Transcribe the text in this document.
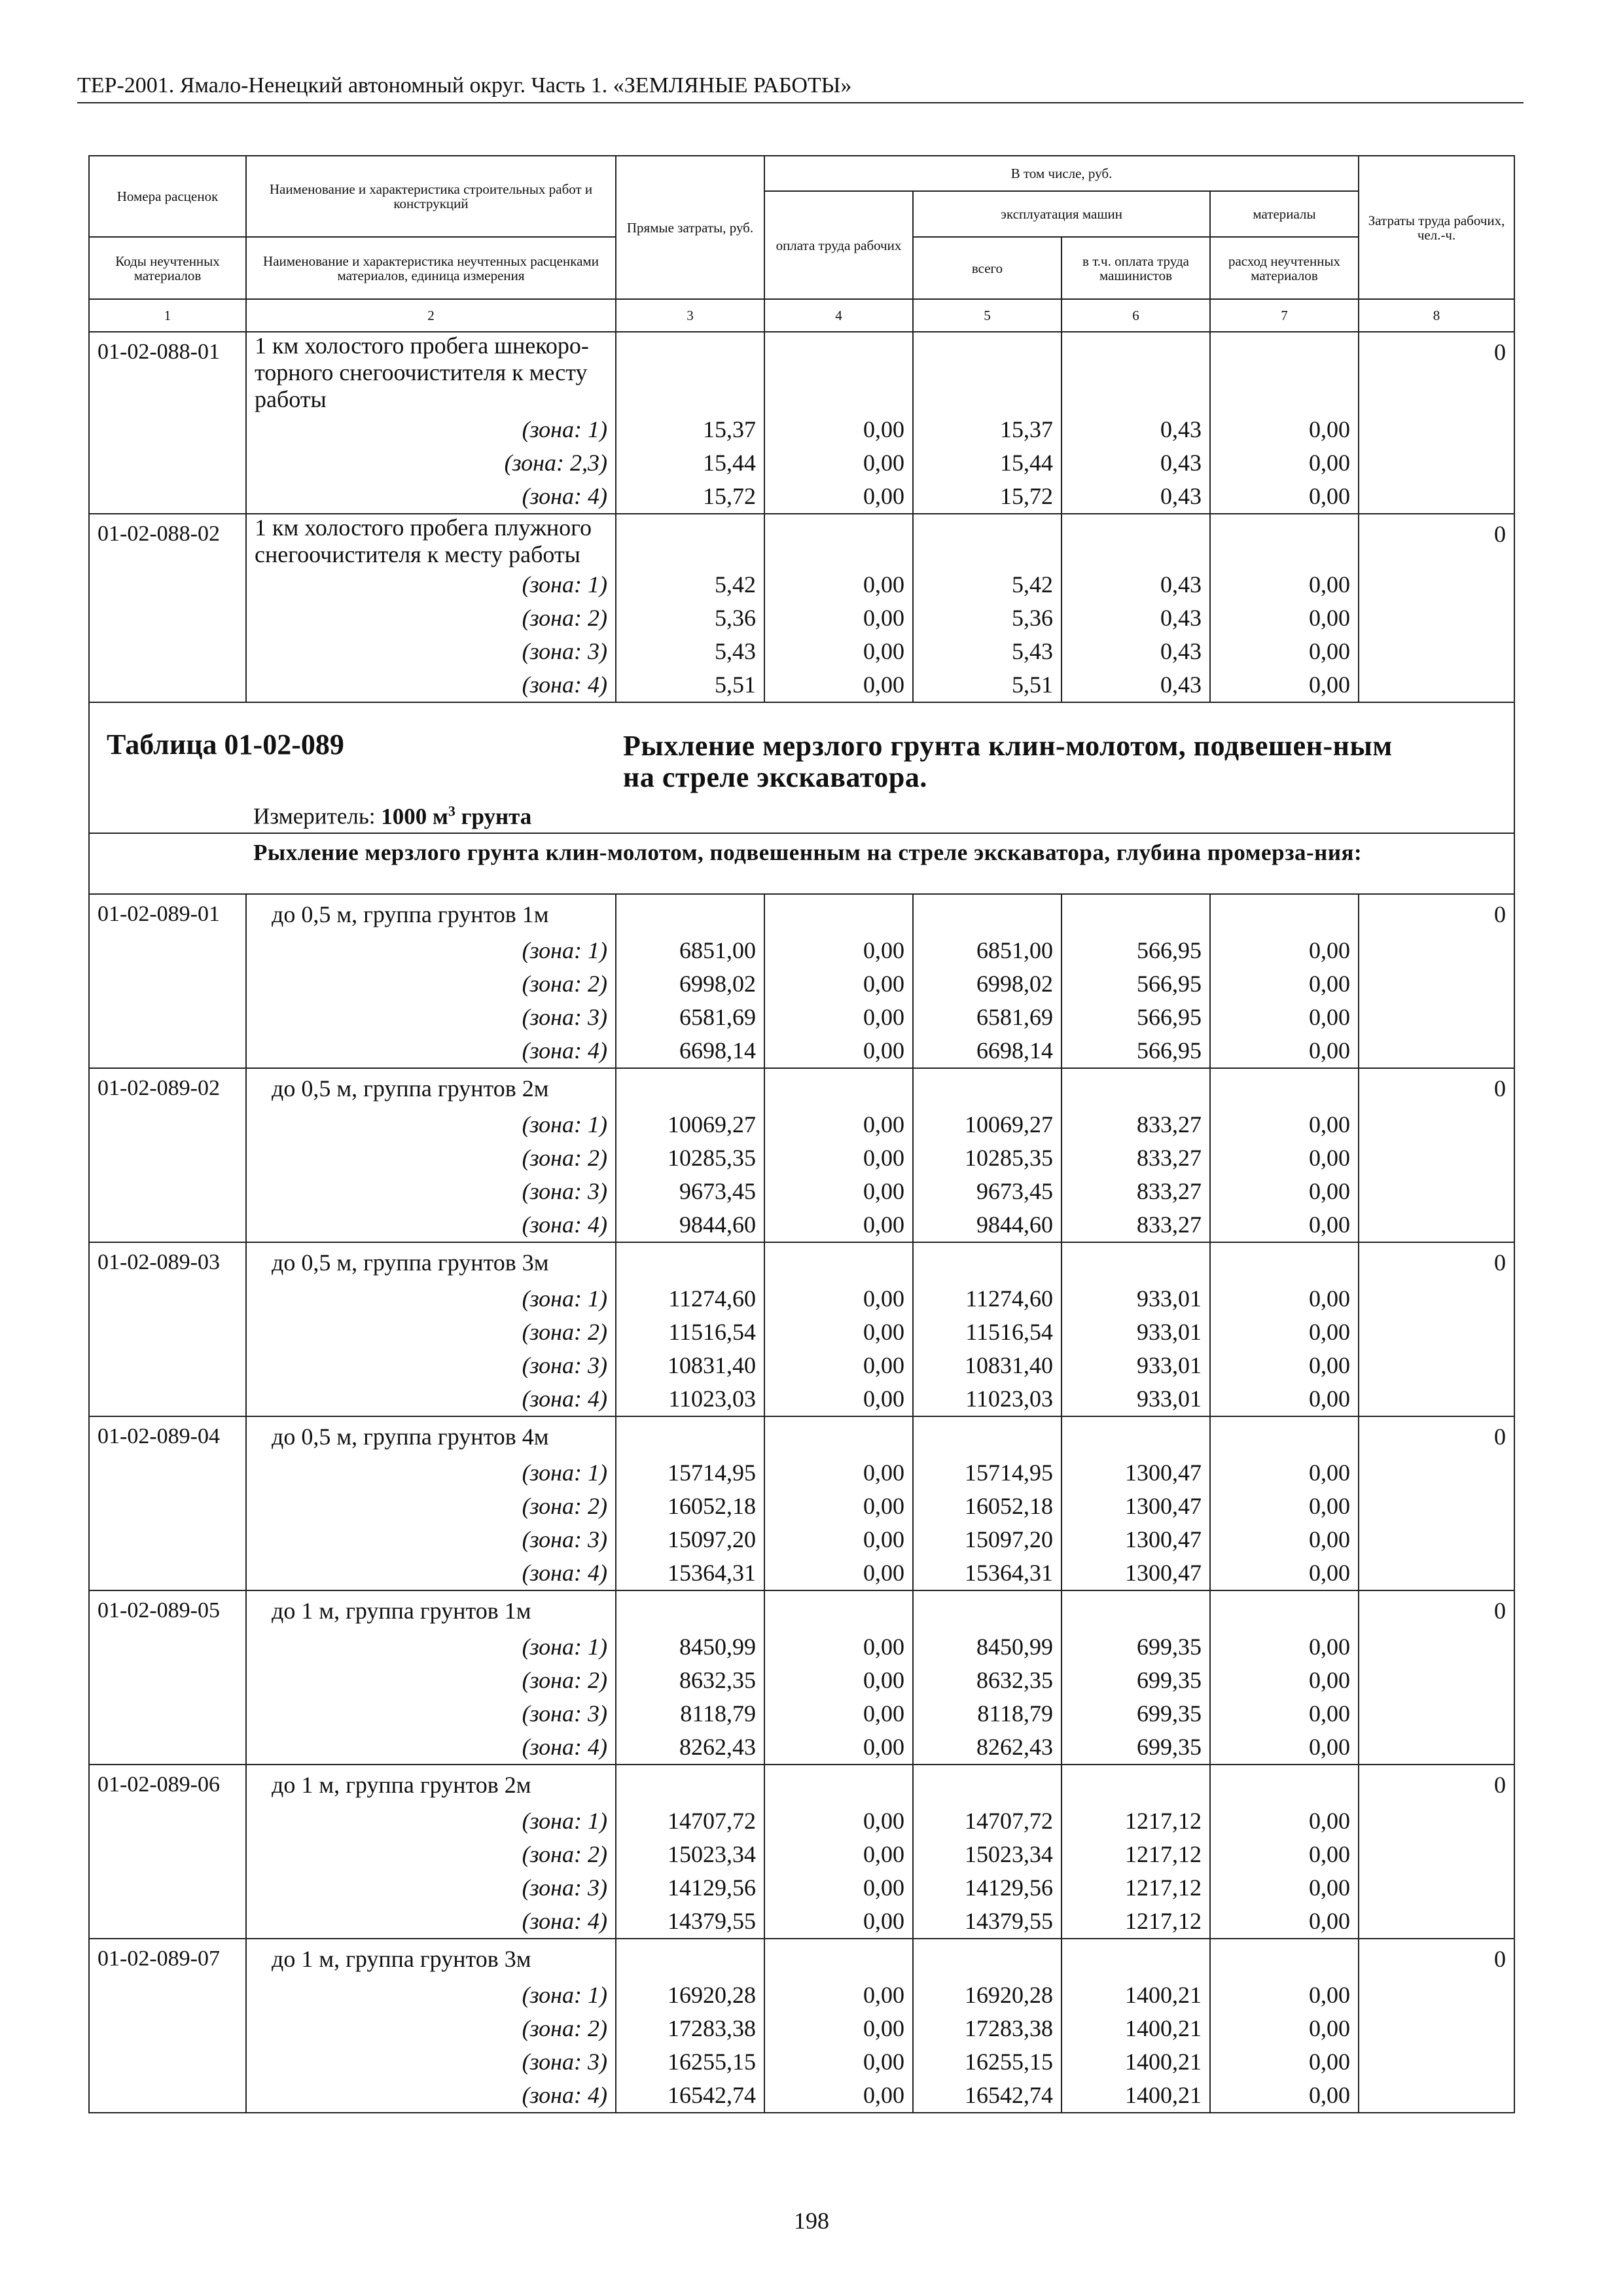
ТЕР-2001. Ямало-Ненецкий автономный округ. Часть 1. «ЗЕМЛЯНЫЕ РАБОТЫ»
Номера расценок	Наименование и характеристика строительных работ и конструкций	Прямые затраты, руб.	В том числе, руб.				Затраты труда рабочих, чел.-ч.
			оплата труда рабочих	эксплуатация машин		материалы	
Коды неучтенных материалов	Наименование и характеристика неучтенных расценками материалов, единица измерения			всего	в т.ч. оплата труда машинистов	расход неучтенных материалов	
1	2	3	4	5	6	7	8
01-02-088-01	1 км холостого пробега шнекоро-торного снегоочистителя к месту работы						0
	(зона: 1)	15,37	0,00	15,37	0,43	0,00	
	(зона: 2,3)	15,44	0,00	15,44	0,43	0,00	
	(зона: 4)	15,72	0,00	15,72	0,43	0,00	
01-02-088-02	1 км холостого пробега плужного снегоочистителя к месту работы						0
	(зона: 1)	5,42	0,00	5,42	0,43	0,00	
	(зона: 2)	5,36	0,00	5,36	0,43	0,00	
	(зона: 3)	5,43	0,00	5,43	0,43	0,00	
	(зона: 4)	5,51	0,00	5,51	0,43	0,00	

Таблица 01-02-089 Рыхление мерзлого грунта клин-молотом, подвешен-ным на стреле экскаватора.
Измеритель: 1000 $м^3$ грунта							

Рыхление мерзлого грунта клин-молотом, подвешенным на стреле экскаватора, глубина промерза-ния:							
01-02-089-01	до 0,5 м, группа грунтов 1м						0
	(зона: 1)	6851,00	0,00	6851,00	566,95	0,00	
	(зона: 2)	6998,02	0,00	6998,02	566,95	0,00	
	(зона: 3)	6581,69	0,00	6581,69	566,95	0,00	
	(зона: 4)	6698,14	0,00	6698,14	566,95	0,00	
01-02-089-02	до 0,5 м, группа грунтов 2м						0
	(зона: 1)	10069,27	0,00	10069,27	833,27	0,00	
	(зона: 2)	10285,35	0,00	10285,35	833,27	0,00	
	(зона: 3)	9673,45	0,00	9673,45	833,27	0,00	
	(зона: 4)	9844,60	0,00	9844,60	833,27	0,00	
01-02-089-03	до 0,5 м, группа грунтов 3м						0
	(зона: 1)	11274,60	0,00	11274,60	933,01	0,00	
	(зона: 2)	11516,54	0,00	11516,54	933,01	0,00	
	(зона: 3)	10831,40	0,00	10831,40	933,01	0,00	
	(зона: 4)	11023,03	0,00	11023,03	933,01	0,00	
01-02-089-04	до 0,5 м, группа грунтов 4м						0
	(зона: 1)	15714,95	0,00	15714,95	1300,47	0,00	
	(зона: 2)	16052,18	0,00	16052,18	1300,47	0,00	
	(зона: 3)	15097,20	0,00	15097,20	1300,47	0,00	
	(зона: 4)	15364,31	0,00	15364,31	1300,47	0,00	
01-02-089-05	до 1 м, группа грунтов 1м						0
	(зона: 1)	8450,99	0,00	8450,99	699,35	0,00	
	(зона: 2)	8632,35	0,00	8632,35	699,35	0,00	
	(зона: 3)	8118,79	0,00	8118,79	699,35	0,00	
	(зона: 4)	8262,43	0,00	8262,43	699,35	0,00	
01-02-089-06	до 1 м, группа грунтов 2м						0
	(зона: 1)	14707,72	0,00	14707,72	1217,12	0,00	
	(зона: 2)	15023,34	0,00	15023,34	1217,12	0,00	
	(зона: 3)	14129,56	0,00	14129,56	1217,12	0,00	
	(зона: 4)	14379,55	0,00	14379,55	1217,12	0,00	
01-02-089-07	до 1 м, группа грунтов 3м						0
	(зона: 1)	16920,28	0,00	16920,28	1400,21	0,00	
	(зона: 2)	17283,38	0,00	17283,38	1400,21	0,00	
	(зона: 3)	16255,15	0,00	16255,15	1400,21	0,00	
	(зона: 4)	16542,74	0,00	16542,74	1400,21	0,00	
198
